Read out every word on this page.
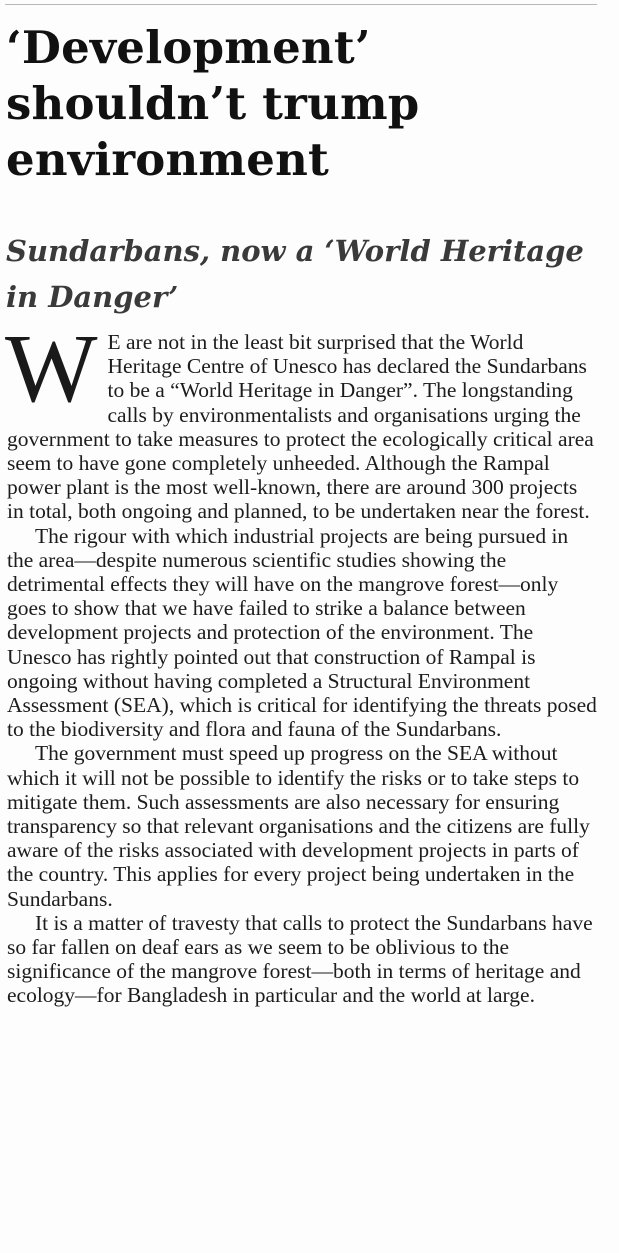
‘Development’ shouldn’t trump environment
Sundarbans, now a ‘World Heritage in Danger’

W E are not in the least bit surprised that the World Heritage Centre of Unesco has declared the Sundarbans to be a “World Heritage in Danger”. The longstanding calls by environmentalists and organisations urging the government to take measures to protect the ecologically critical area seem to have gone completely unheeded. Although the Rampal power plant is the most well-known, there are around 300 projects in total, both ongoing and planned, to be undertaken near the forest.

The rigour with which industrial projects are being pursued in the area—despite numerous scientific studies showing the detrimental effects they will have on the mangrove forest—only goes to show that we have failed to strike a balance between development projects and protection of the environment. The Unesco has rightly pointed out that construction of Rampal is ongoing without having completed a Structural Environment Assessment (SEA), which is critical for identifying the threats posed to the biodiversity and flora and fauna of the Sundarbans.

The government must speed up progress on the SEA without which it will not be possible to identify the risks or to take steps to mitigate them. Such assessments are also necessary for ensuring transparency so that relevant organisations and the citizens are fully aware of the risks associated with development projects in parts of the country. This applies for every project being undertaken in the Sundarbans.

It is a matter of travesty that calls to protect the Sundarbans have so far fallen on deaf ears as we seem to be oblivious to the significance of the mangrove forest—both in terms of heritage and ecology—for Bangladesh in particular and the world at large.
